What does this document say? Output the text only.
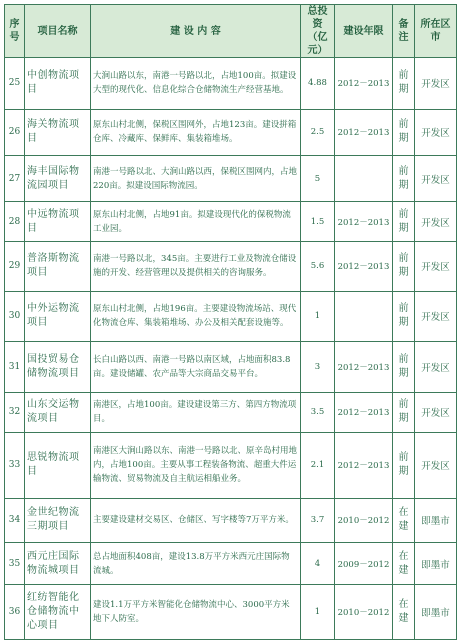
序号	项目名称	建 设 内 容	总投资（亿元）	建设年限	备注	所在区市
25	中创物流项目	大涧山路以东，南港一号路以北，占地100亩。拟建设大型的现代化、信息化综合仓储物流生产经营基地。	4.88	2012－2013	前期	开发区
26	海关物流项目	原东山村北侧，保税区围网外，占地123亩。建设拼箱仓库、冷藏库、保鲜库、集装箱堆场。	2.5	2012－2013	前期	开发区
27	海丰国际物流园项目	南港一号路以北、大涧山路以西，保税区围网内，占地220亩。拟建设国际物流园。	5		前期	开发区
28	中远物流项目	原东山村北侧，占地91亩。拟建设现代化的保税物流工业园。	1.5	2012－2013	前期	开发区
29	普洛斯物流项目	南港一号路以北，345亩。主要进行工业及物流仓储设施的开发、经营管理以及提供相关的咨询服务。	5.6	2012－2013	前期	开发区
30	中外运物流项目	原东山村北侧，占地196亩。主要建设物流场站、现代化物流仓库、集装箱堆场、办公及相关配套设施等。	1		前期	开发区
31	国投贸易仓储物流项目	长白山路以西、南港一号路以南区域，占地面积83.8亩。建设储罐、农产品等大宗商品交易平台。	3	2012－2013	前期	开发区
32	山东交运物流项目	南港区，占地100亩。建设建设第三方、第四方物流项目。	3.5	2012－2013	前期	开发区
33	思锐物流项目	南港区大涧山路以东、南港一号路以北、原辛岛村用地内，占地100亩。主要从事工程装备物流、超重大件运输物流、贸易物流及自主航运相船业务。	2.1	2012－2013	前期	开发区
34	金世纪物流三期项目	主要建设建材交易区、仓储区、写字楼等7万平方米。	3.7	2010－2012	在建	即墨市
35	西元庄国际物流城项目	总占地面积408亩，建设13.8万平方米西元庄国际物流城。	4	2009－2012	在建	即墨市
36	红纺智能化仓储物流中心项目	建设1.1万平方米智能化仓储物流中心、3000平方米地下人防室。	1	2010－2012	在建	即墨市
